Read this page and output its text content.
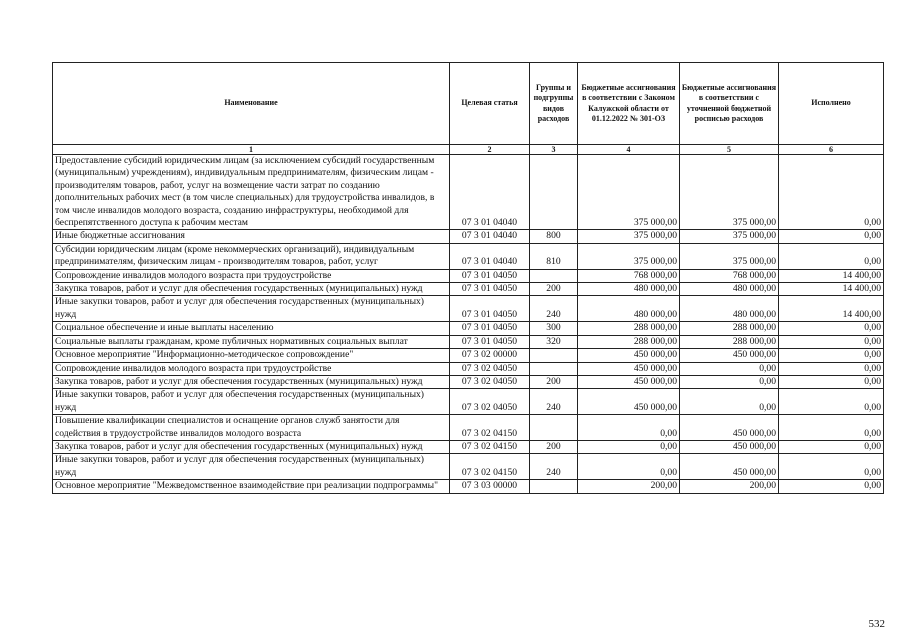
Наименование	Целевая статья	Группы и подгруппы видов расходов	Бюджетные ассигнования в соответствии с Законом Калужской области от 01.12.2022 № 301-ОЗ	Бюджетные ассигнования в соответствии с уточненной бюджетной росписью расходов	Исполнено
1	2	3	4	5	6
Предоставление субсидий юридическим лицам (за исключением субсидий государственным (муниципальным) учреждениям), индивидуальным предпринимателям, физическим лицам - производителям товаров, работ, услуг на возмещение части затрат по созданию дополнительных рабочих мест (в том числе специальных) для трудоустройства инвалидов, в том числе инвалидов молодого возраста, созданию инфраструктуры, необходимой для беспрепятственного доступа к рабочим местам	07 3 01 04040		375 000,00	375 000,00	0,00
Иные бюджетные ассигнования	07 3 01 04040	800	375 000,00	375 000,00	0,00
Субсидии юридическим лицам (кроме некоммерческих организаций), индивидуальным предпринимателям, физическим лицам - производителям товаров, работ, услуг	07 3 01 04040	810	375 000,00	375 000,00	0,00
Сопровождение инвалидов молодого возраста при трудоустройстве	07 3 01 04050		768 000,00	768 000,00	14 400,00
Закупка товаров, работ и услуг для обеспечения государственных (муниципальных) нужд	07 3 01 04050	200	480 000,00	480 000,00	14 400,00
Иные закупки товаров, работ и услуг для обеспечения государственных (муниципальных) нужд	07 3 01 04050	240	480 000,00	480 000,00	14 400,00
Социальное обеспечение и иные выплаты населению	07 3 01 04050	300	288 000,00	288 000,00	0,00
Социальные выплаты гражданам, кроме публичных нормативных социальных выплат	07 3 01 04050	320	288 000,00	288 000,00	0,00
Основное мероприятие "Информационно-методическое сопровождение"	07 3 02 00000		450 000,00	450 000,00	0,00
Сопровождение инвалидов молодого возраста при трудоустройстве	07 3 02 04050		450 000,00	0,00	0,00
Закупка товаров, работ и услуг для обеспечения государственных (муниципальных) нужд	07 3 02 04050	200	450 000,00	0,00	0,00
Иные закупки товаров, работ и услуг для обеспечения государственных (муниципальных) нужд	07 3 02 04050	240	450 000,00	0,00	0,00
Повышение квалификации специалистов и оснащение органов служб занятости для содействия в трудоустройстве инвалидов молодого возраста	07 3 02 04150		0,00	450 000,00	0,00
Закупка товаров, работ и услуг для обеспечения государственных (муниципальных) нужд	07 3 02 04150	200	0,00	450 000,00	0,00
Иные закупки товаров, работ и услуг для обеспечения государственных (муниципальных) нужд	07 3 02 04150	240	0,00	450 000,00	0,00
Основное мероприятие "Межведомственное взаимодействие при реализации подпрограммы"	07 3 03 00000		200,00	200,00	0,00
532
